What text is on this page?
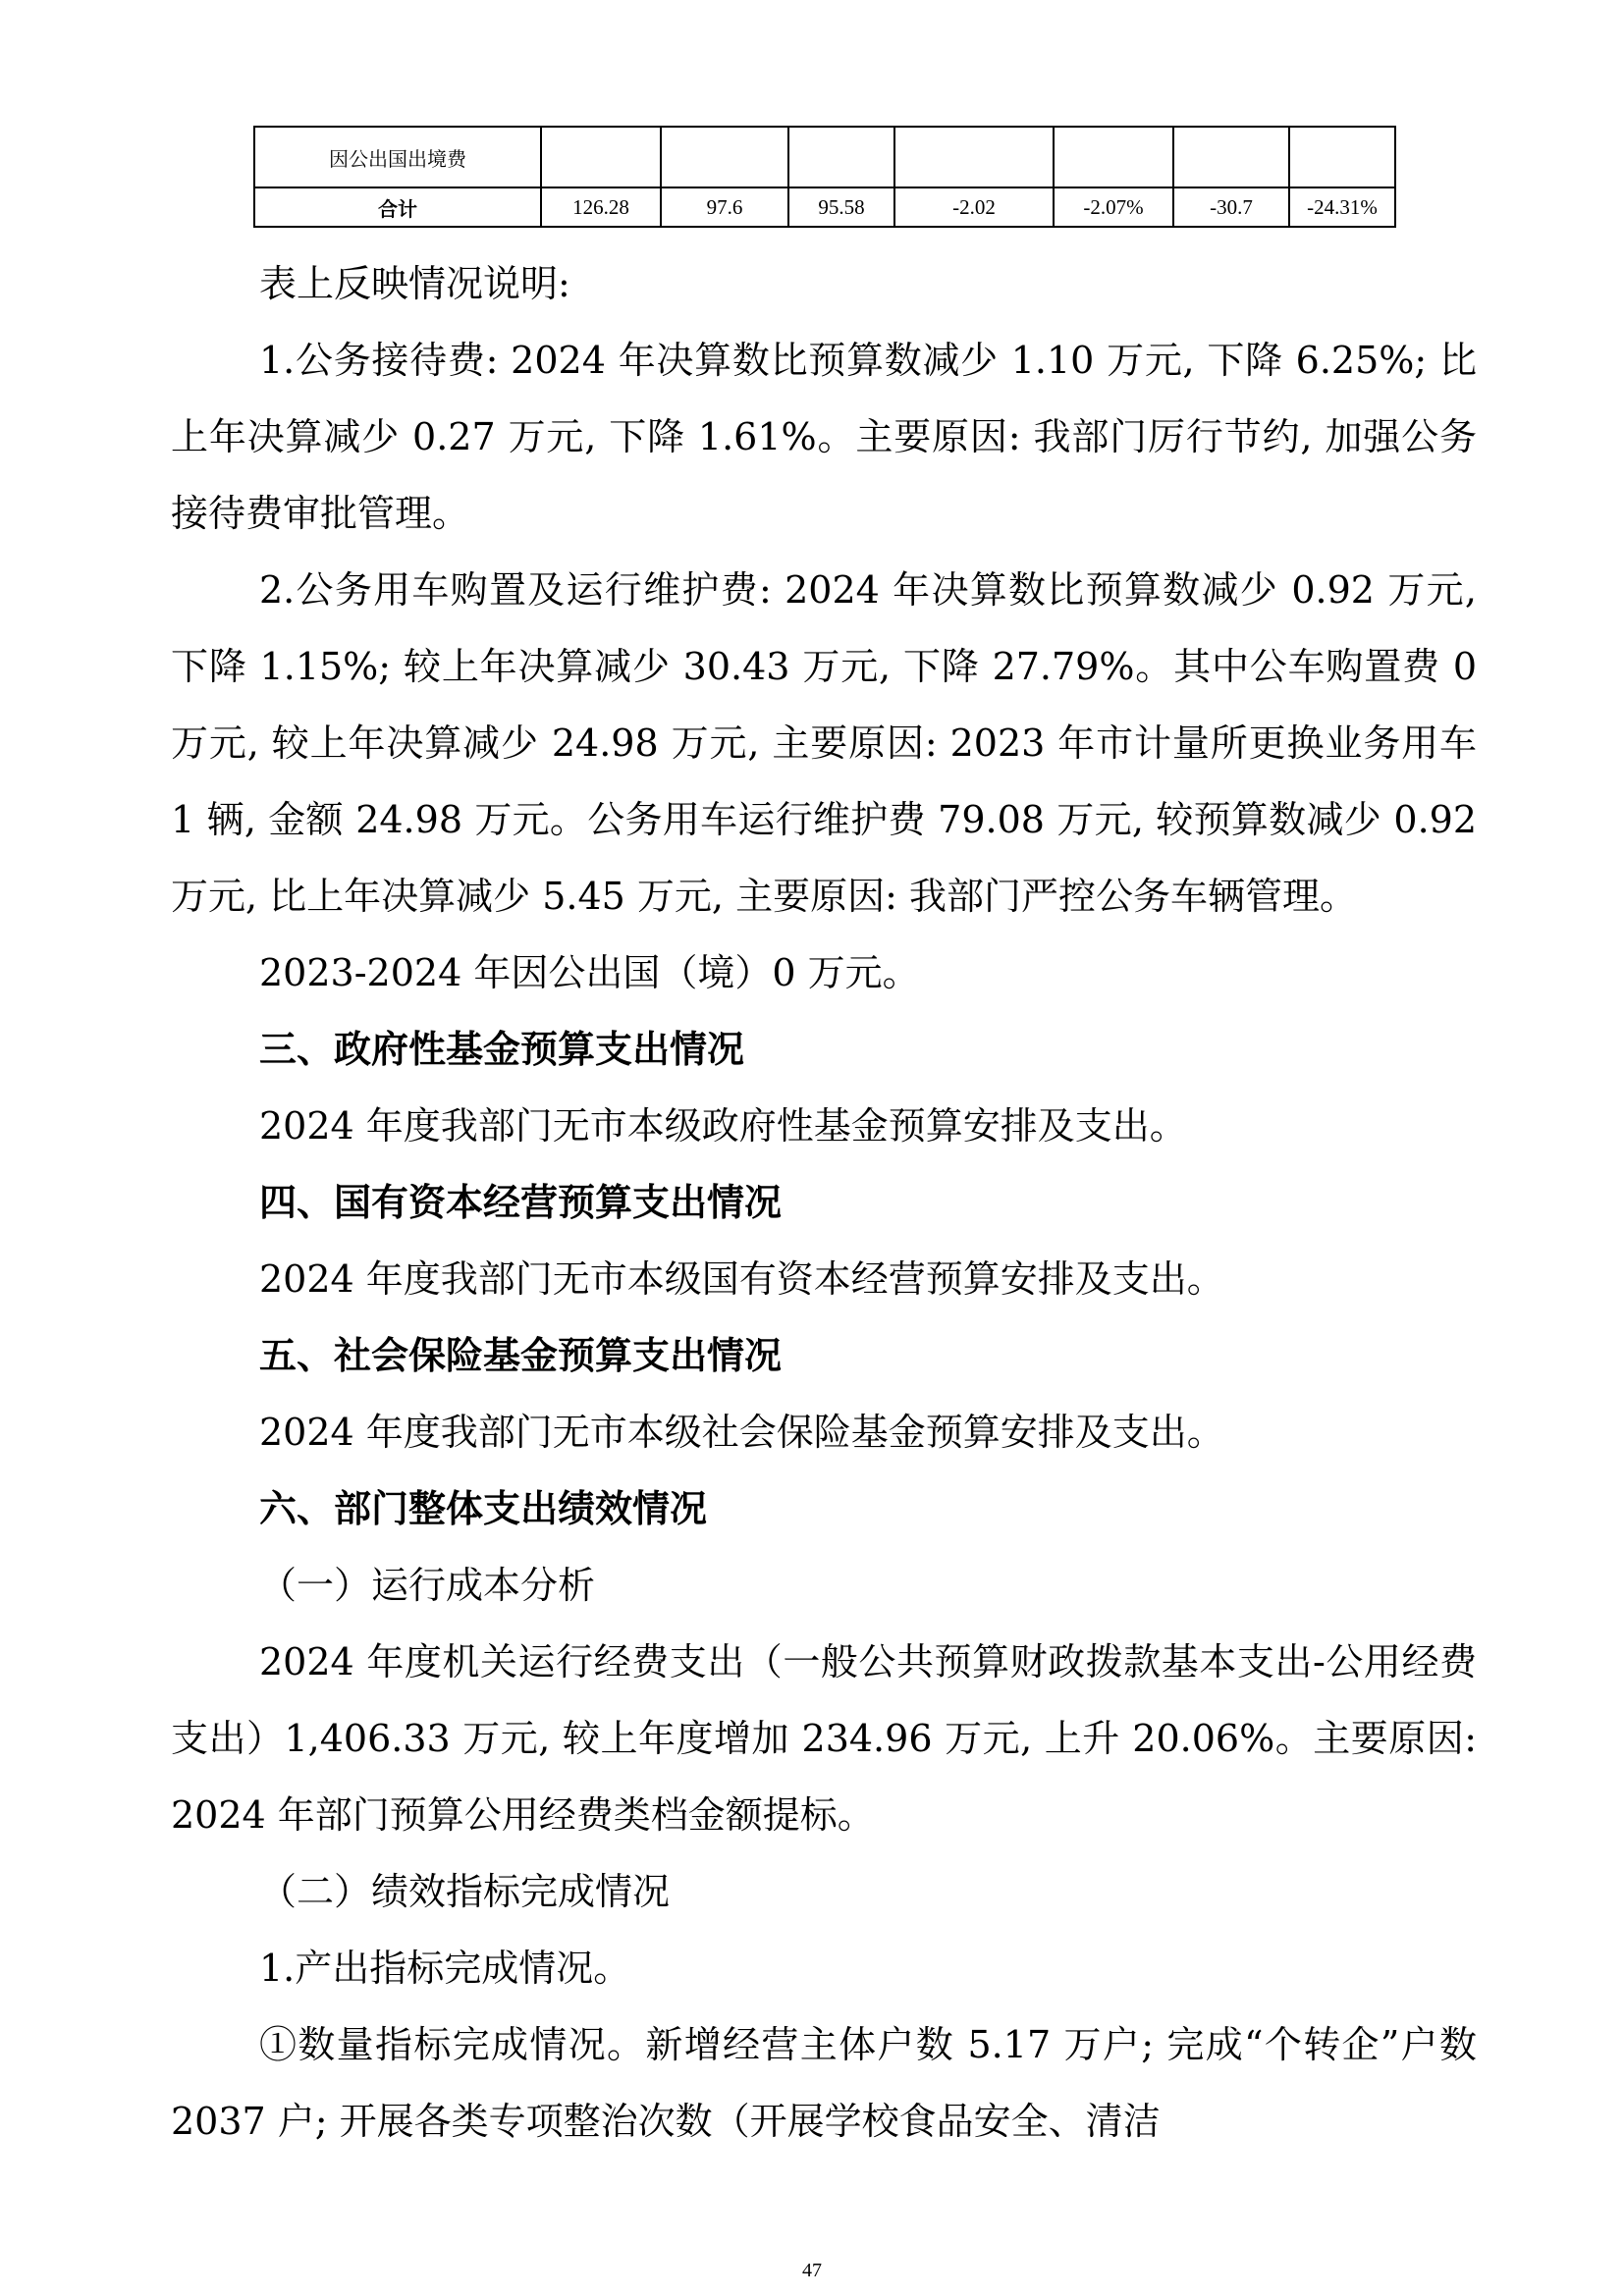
因公出国出境费							
合计	126.28	97.6	95.58	-2.02	-2.07%	-30.7	-24.31%

表上反映情况说明:

1.公务接待费: 2024 年决算数比预算数减少 1.10 万元, 下降 6.25%; 比上年决算减少 0.27 万元, 下降 1.61%。主要原因: 我部门厉行节约, 加强公务接待费审批管理。

2.公务用车购置及运行维护费: 2024 年决算数比预算数减少 0.92 万元, 下降 1.15%; 较上年决算减少 30.43 万元, 下降 27.79%。其中公车购置费 0 万元, 较上年决算减少 24.98 万元, 主要原因: 2023 年市计量所更换业务用车 1 辆, 金额 24.98 万元。公务用车运行维护费 79.08 万元, 较预算数减少 0.92 万元, 比上年决算减少 5.45 万元, 主要原因: 我部门严控公务车辆管理。

2023-2024 年因公出国（境）0 万元。

三、政府性基金预算支出情况

2024 年度我部门无市本级政府性基金预算安排及支出。

四、国有资本经营预算支出情况

2024 年度我部门无市本级国有资本经营预算安排及支出。

五、社会保险基金预算支出情况

2024 年度我部门无市本级社会保险基金预算安排及支出。

六、部门整体支出绩效情况

（一）运行成本分析

2024 年度机关运行经费支出（一般公共预算财政拨款基本支出-公用经费支出）1,406.33 万元, 较上年度增加 234.96 万元, 上升 20.06%。主要原因: 2024 年部门预算公用经费类档金额提标。

（二）绩效指标完成情况

1.产出指标完成情况。

①数量指标完成情况。新增经营主体户数 5.17 万户; 完成“个转企”户数 2037 户; 开展各类专项整治次数（开展学校食品安全、清洁

47
